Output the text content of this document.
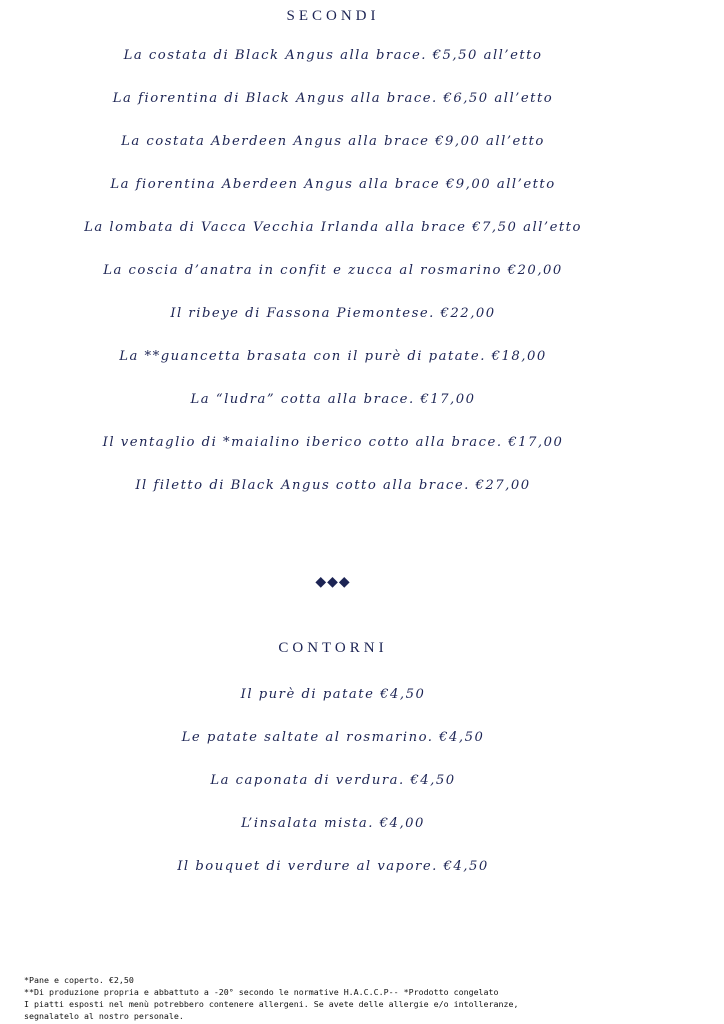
SECONDI
La costata di Black Angus alla brace. €5,50 all’etto
La fiorentina di Black Angus alla brace. €6,50 all’etto
La costata Aberdeen Angus alla brace €9,00 all’etto
La fiorentina Aberdeen Angus alla brace €9,00 all’etto
La lombata di Vacca Vecchia Irlanda alla brace €7,50 all’etto
La coscia d’anatra in confit e zucca al rosmarino €20,00
Il ribeye di Fassona Piemontese. €22,00
La **guancetta brasata con il purè di patate. €18,00
La “ludra” cotta alla brace. €17,00
Il ventaglio di *maialino iberico cotto alla brace. €17,00
Il filetto di Black Angus cotto alla brace. €27,00
◆◆◆
CONTORNI
Il purè di patate €4,50
Le patate saltate al rosmarino. €4,50
La caponata di verdura. €4,50
L’insalata mista. €4,00
Il bouquet di verdure al vapore. €4,50
*Pane e coperto. €2,50
**Di produzione propria e abbattuto a -20° secondo le normative H.A.C.C.P-- *Prodotto congelato
I piatti esposti nel menù potrebbero contenere allergeni. Se avete delle allergie e/o intolleranze,
segnalatelo al nostro personale.
